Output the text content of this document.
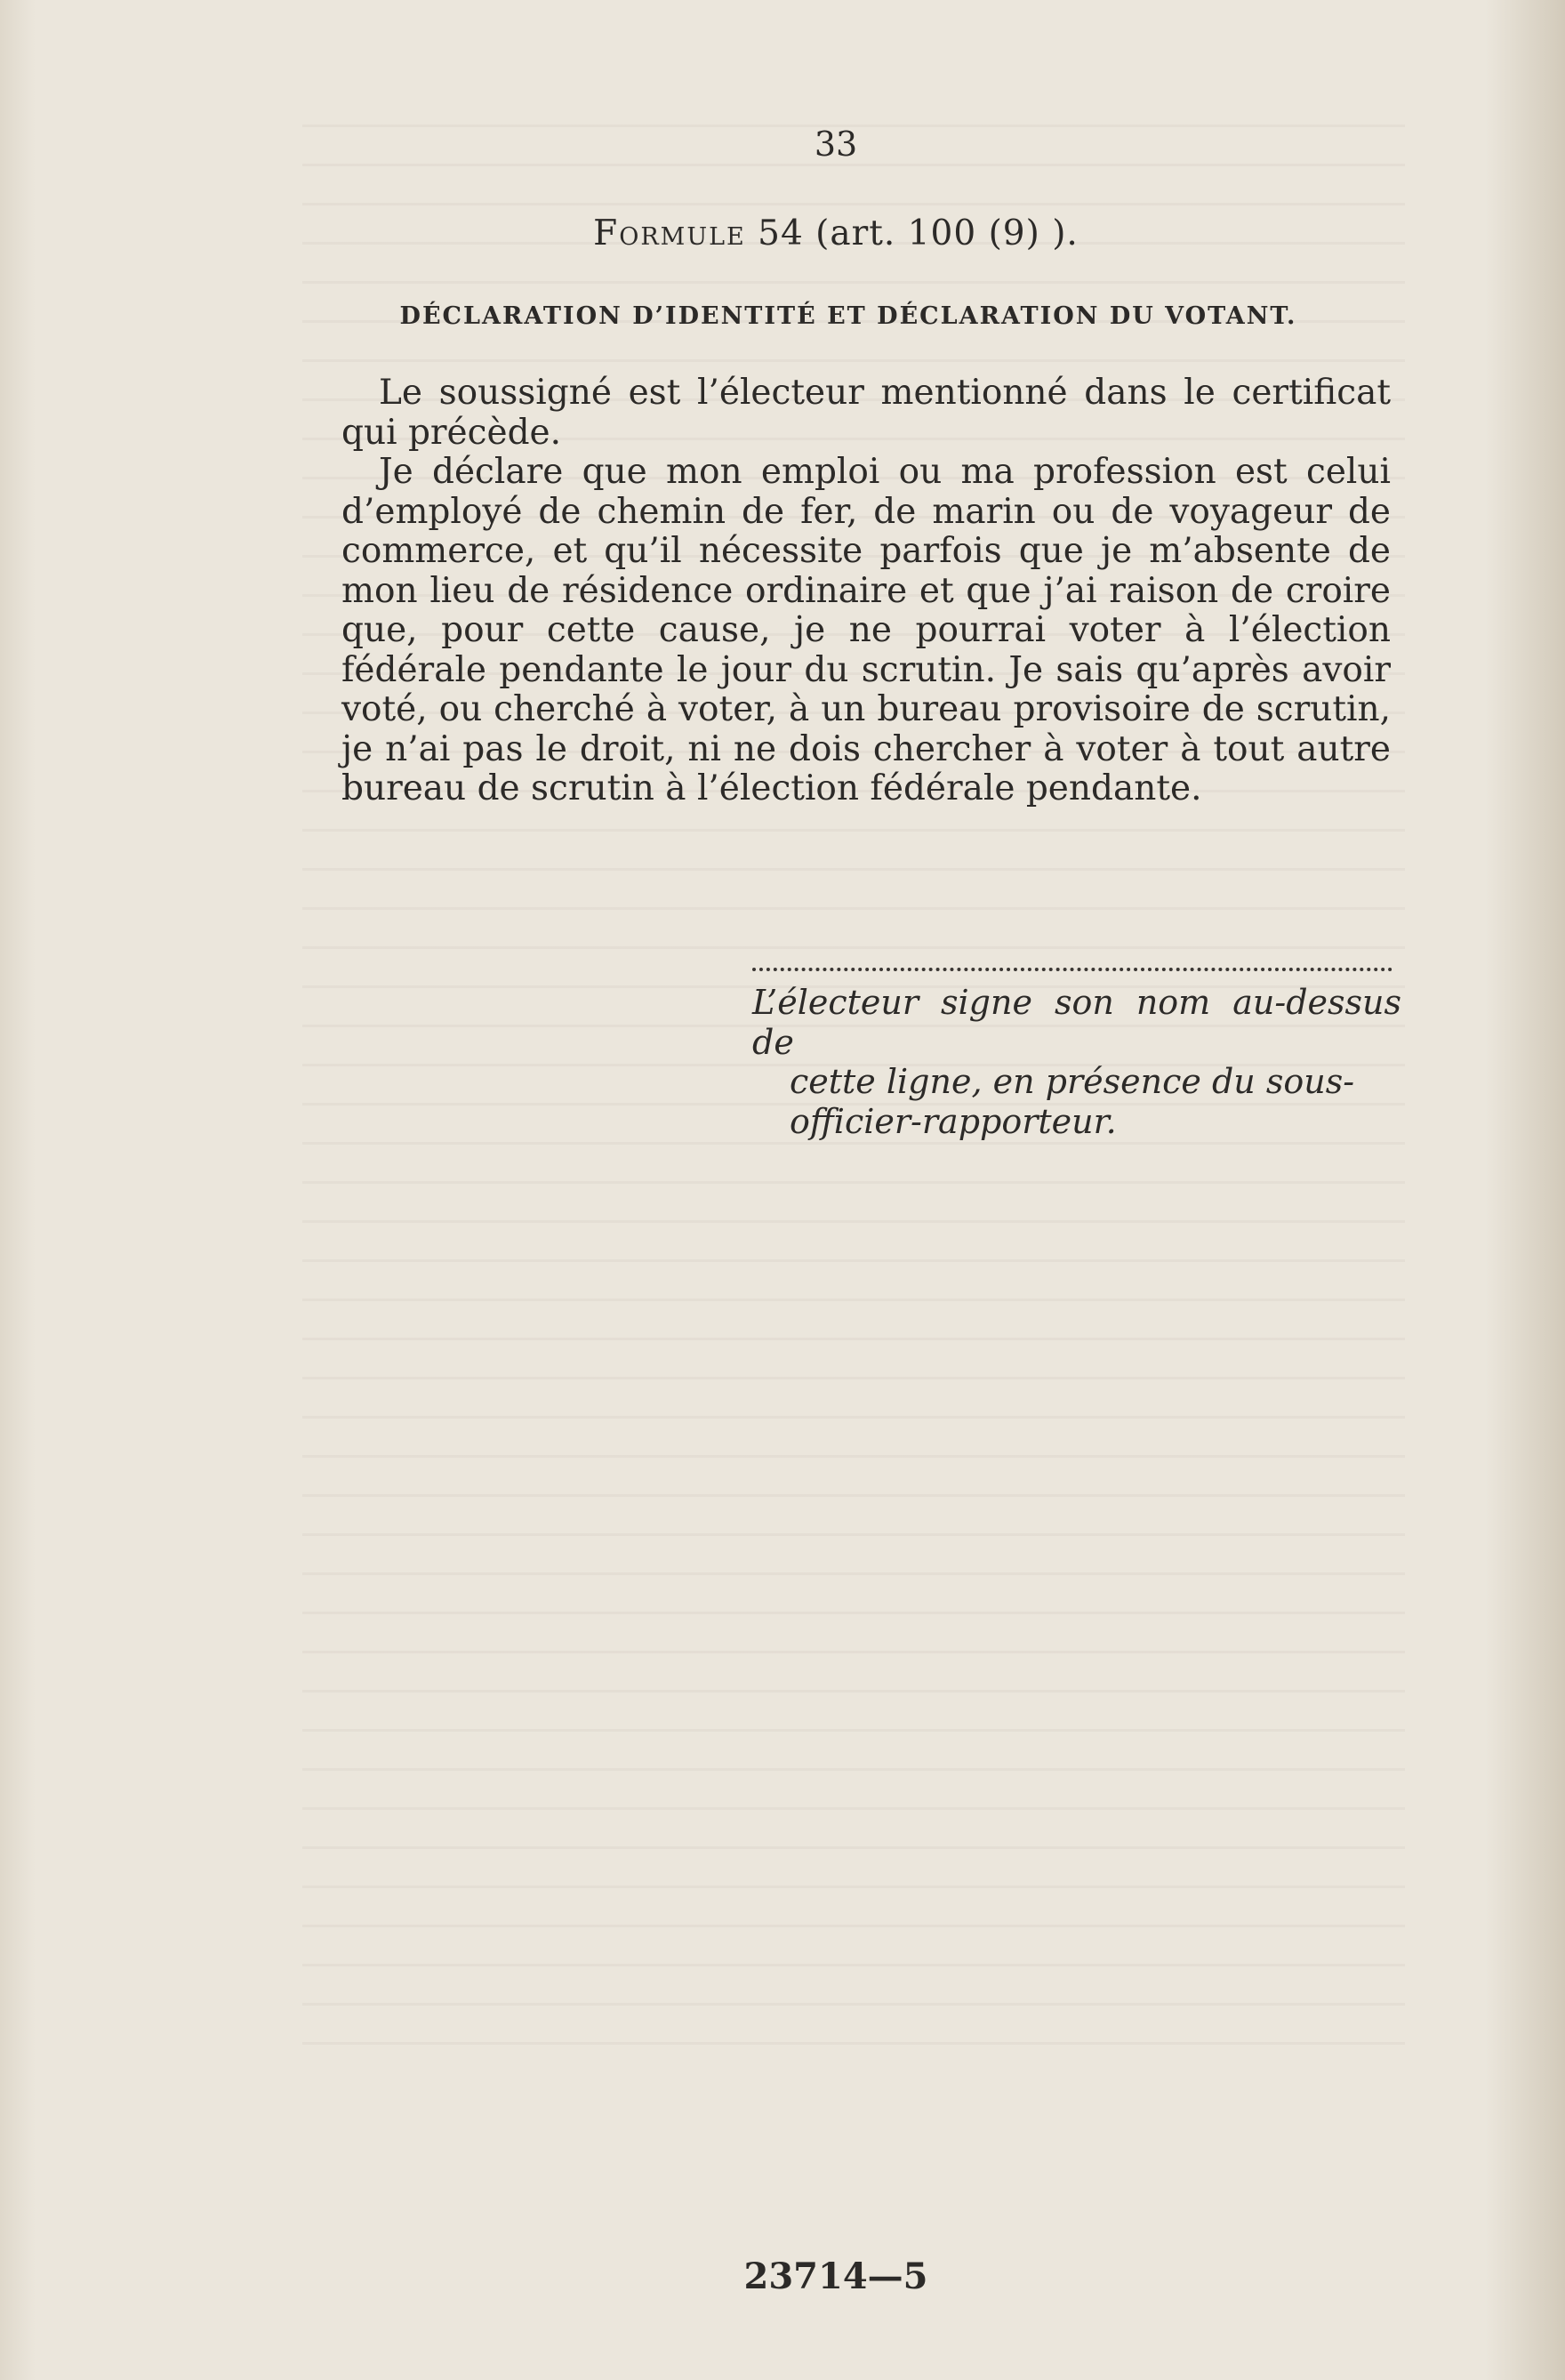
33
Formule 54 (art. 100 (9) ).
DÉCLARATION D’IDENTITÉ ET DÉCLARATION DU VOTANT.

Le soussigné est l’électeur mentionné dans le certificat qui précède.

Je déclare que mon emploi ou ma profession est celui d’employé de chemin de fer, de marin ou de voyageur de commerce, et qu’il nécessite parfois que je m’absente de mon lieu de résidence ordinaire et que j’ai raison de croire que, pour cette cause, je ne pourrai voter à l’élection fédérale pendante le jour du scrutin. Je sais qu’après avoir voté, ou cherché à voter, à un bureau provisoire de scrutin, je n’ai pas le droit, ni ne dois chercher à voter à tout autre bureau de scrutin à l’élection fédérale pendante.

L’électeur signe son nom au-dessus de
cette ligne, en présence du sous-
officier-rapporteur.
23714—5
